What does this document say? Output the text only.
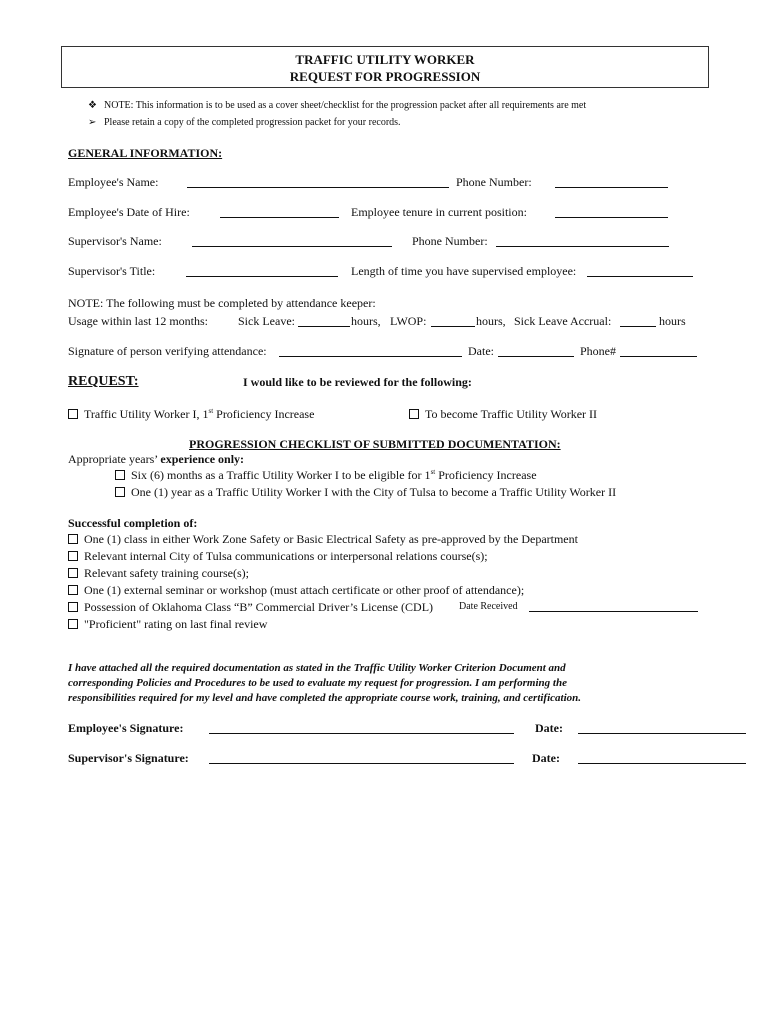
TRAFFIC UTILITY WORKER
REQUEST FOR PROGRESSION
❖ NOTE: This information is to be used as a cover sheet/checklist for the progression packet after all requirements are met
➢ Please retain a copy of the completed progression packet for your records.
GENERAL INFORMATION:
Employee's Name:	Phone Number:
Employee's Date of Hire:	Employee tenure in current position:
Supervisor's Name:	Phone Number:
Supervisor's Title:	Length of time you have supervised employee:
NOTE: The following must be completed by attendance keeper:
Usage within last 12 months:	Sick Leave:	hours, LWOP:	hours, Sick Leave Accrual:	hours
Signature of person verifying attendance:	Date:	Phone#
REQUEST:	I would like to be reviewed for the following:
Traffic Utility Worker I, 1st Proficiency Increase	To become Traffic Utility Worker II
PROGRESSION CHECKLIST OF SUBMITTED DOCUMENTATION:
Appropriate years’ experience only:
Six (6) months as a Traffic Utility Worker I to be eligible for 1st Proficiency Increase
One (1) year as a Traffic Utility Worker I with the City of Tulsa to become a Traffic Utility Worker II
Successful completion of:
One (1) class in either Work Zone Safety or Basic Electrical Safety as pre-approved by the Department
Relevant internal City of Tulsa communications or interpersonal relations course(s);
Relevant safety training course(s);
One (1) external seminar or workshop (must attach certificate or other proof of attendance);
Possession of Oklahoma Class “B” Commercial Driver’s License (CDL)	Date Received
"Proficient" rating on last final review
I have attached all the required documentation as stated in the Traffic Utility Worker Criterion Document and
corresponding Policies and Procedures to be used to evaluate my request for progression. I am performing the
responsibilities required for my level and have completed the appropriate course work, training, and certification.
Employee's Signature:	Date:
Supervisor's Signature:	Date:
